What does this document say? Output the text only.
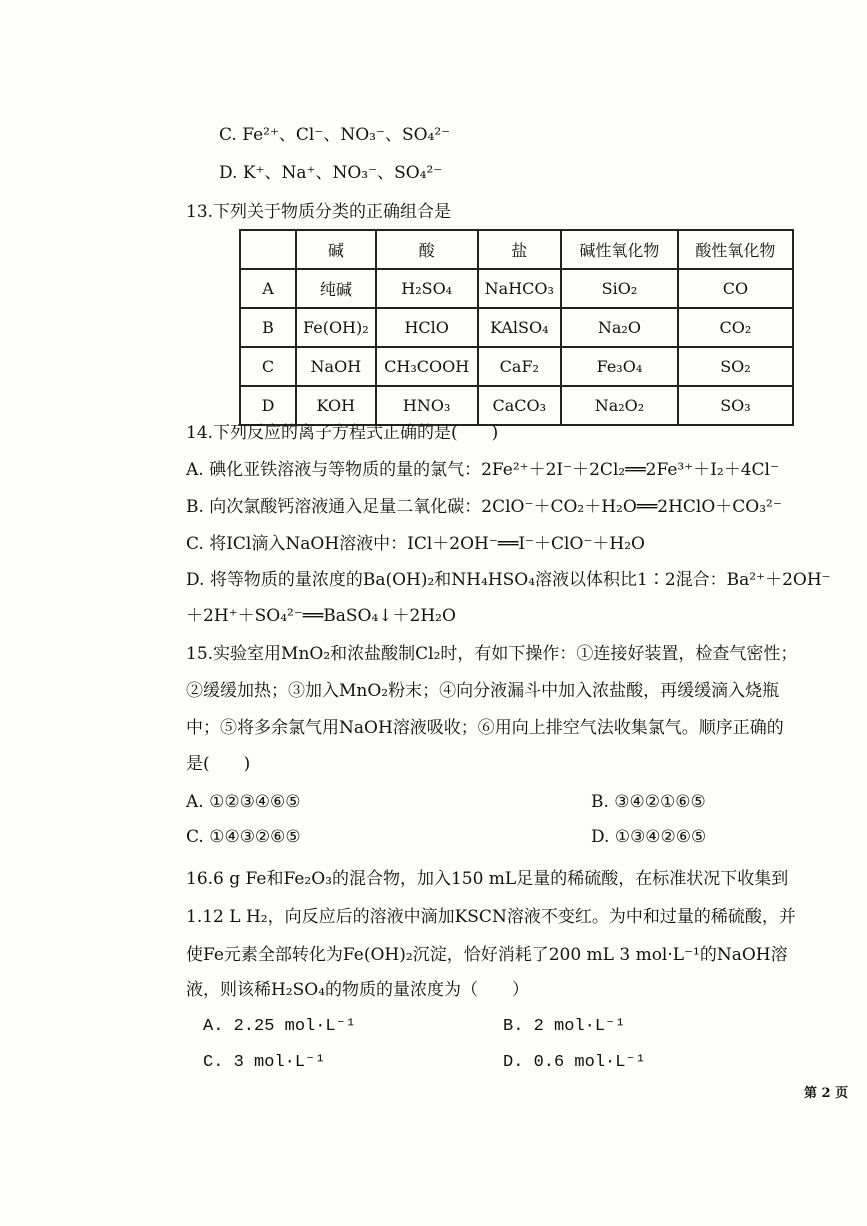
C. Fe²⁺、Cl⁻、NO₃⁻、SO₄²⁻
D. K⁺、Na⁺、NO₃⁻、SO₄²⁻
13.下列关于物质分类的正确组合是
	碱	酸	盐	碱性氧化物	酸性氧化物
A	纯碱	H₂SO₄	NaHCO₃	SiO₂	CO
B	Fe(OH)₂	HClO	KAlSO₄	Na₂O	CO₂
C	NaOH	CH₃COOH	CaF₂	Fe₃O₄	SO₂
D	KOH	HNO₃	CaCO₃	Na₂O₂	SO₃
14.下列反应的离子方程式正确的是(　　)
A. 碘化亚铁溶液与等物质的量的氯气：2Fe²⁺＋2I⁻＋2Cl₂══2Fe³⁺＋I₂＋4Cl⁻
B. 向次氯酸钙溶液通入足量二氧化碳：2ClO⁻＋CO₂＋H₂O══2HClO＋CO₃²⁻
C. 将ICl滴入NaOH溶液中：ICl＋2OH⁻══I⁻＋ClO⁻＋H₂O
D. 将等物质的量浓度的Ba(OH)₂和NH₄HSO₄溶液以体积比1∶2混合：Ba²⁺＋2OH⁻
＋2H⁺＋SO₄²⁻══BaSO₄↓＋2H₂O
15.实验室用MnO₂和浓盐酸制Cl₂时，有如下操作：①连接好装置，检查气密性；
②缓缓加热；③加入MnO₂粉末；④向分液漏斗中加入浓盐酸，再缓缓滴入烧瓶
中；⑤将多余氯气用NaOH溶液吸收；⑥用向上排空气法收集氯气。顺序正确的
是(　　)
A. ①②③④⑥⑤	B. ③④②①⑥⑤
C. ①④③②⑥⑤	D. ①③④②⑥⑤
16.6 g Fe和Fe₂O₃的混合物，加入150 mL足量的稀硫酸，在标准状况下收集到
1.12 L H₂，向反应后的溶液中滴加KSCN溶液不变红。为中和过量的稀硫酸，并
使Fe元素全部转化为Fe(OH)₂沉淀，恰好消耗了200 mL 3 mol·L⁻¹的NaOH溶
液，则该稀H₂SO₄的物质的量浓度为（　　）
A. 2.25 mol·L⁻¹	B. 2 mol·L⁻¹
C. 3 mol·L⁻¹	D. 0.6 mol·L⁻¹
第 2 页
